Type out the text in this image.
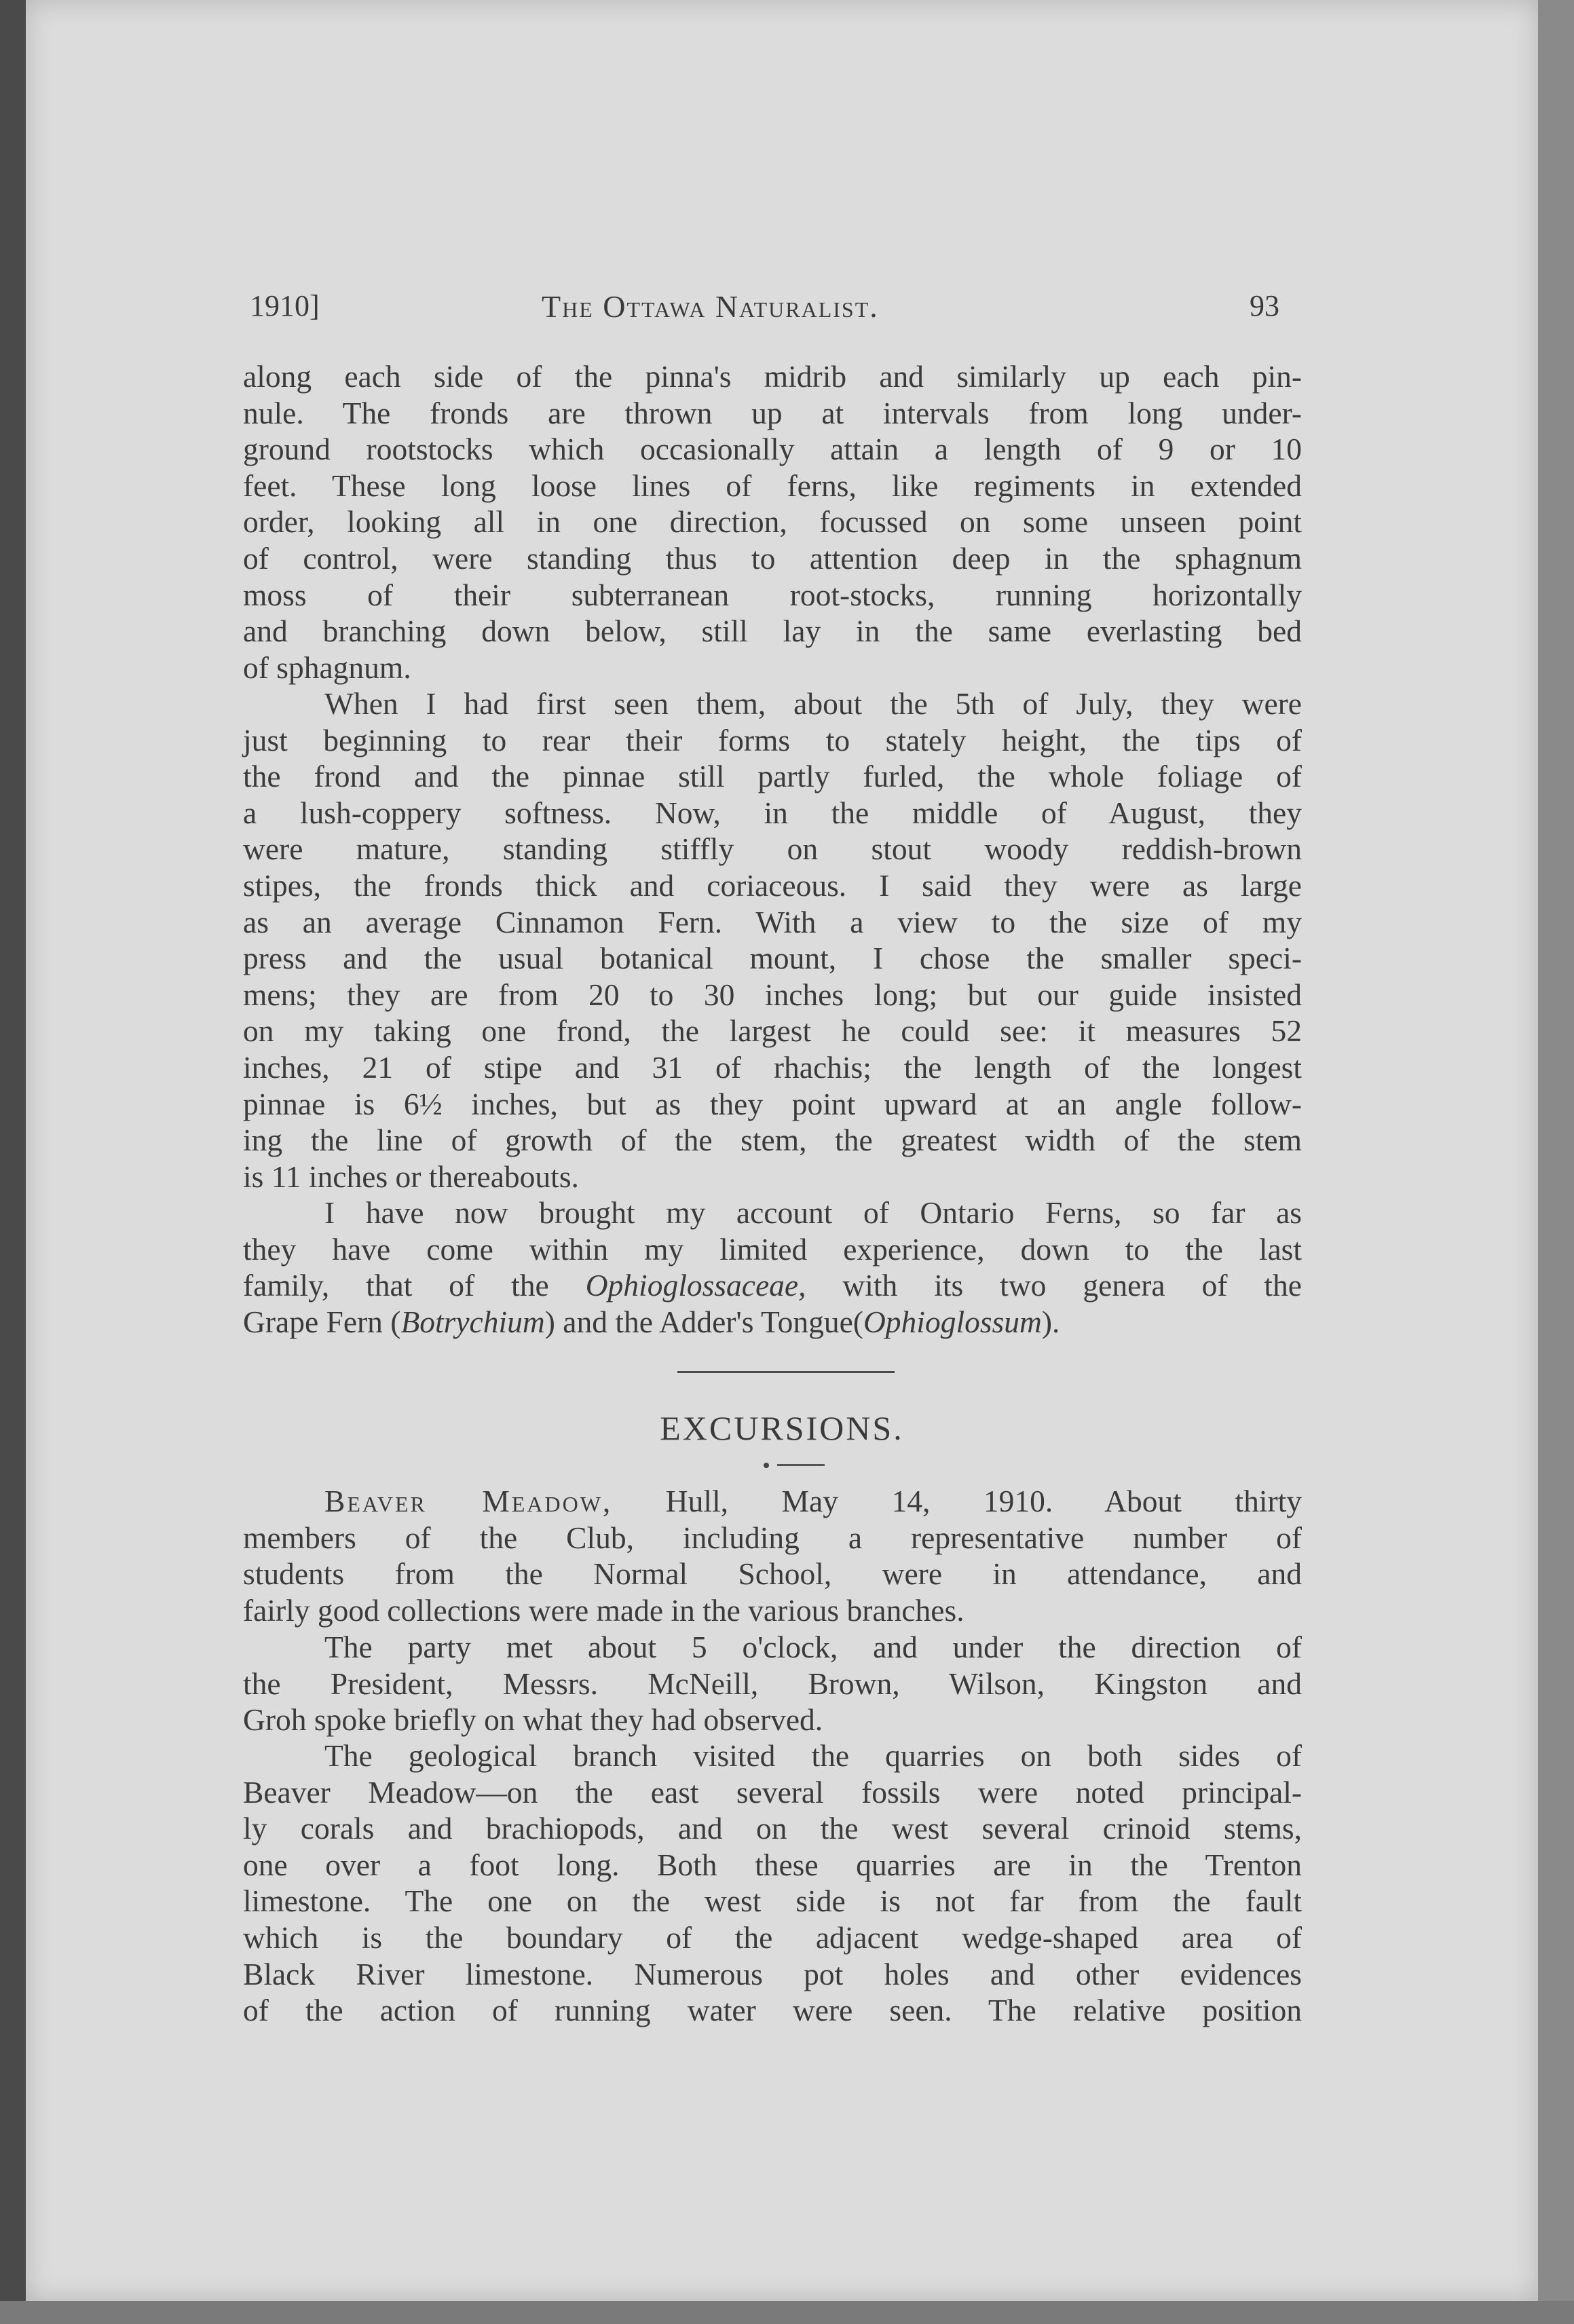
1910]	The Ottawa Naturalist.	93
along each side of the pinna's midrib and similarly up each pin-
nule. The fronds are thrown up at intervals from long under-
ground rootstocks which occasionally attain a length of 9 or 10
feet. These long loose lines of ferns, like regiments in extended
order, looking all in one direction, focussed on some unseen point
of control, were standing thus to attention deep in the sphagnum
moss of their subterranean root-stocks, running horizontally
and branching down below, still lay in the same everlasting bed
of sphagnum.
When I had first seen them, about the 5th of July, they were
just beginning to rear their forms to stately height, the tips of
the frond and the pinnae still partly furled, the whole foliage of
a lush-coppery softness. Now, in the middle of August, they
were mature, standing stiffly on stout woody reddish-brown
stipes, the fronds thick and coriaceous. I said they were as large
as an average Cinnamon Fern. With a view to the size of my
press and the usual botanical mount, I chose the smaller speci-
mens; they are from 20 to 30 inches long; but our guide insisted
on my taking one frond, the largest he could see: it measures 52
inches, 21 of stipe and 31 of rhachis; the length of the longest
pinnae is 6½ inches, but as they point upward at an angle follow-
ing the line of growth of the stem, the greatest width of the stem
is 11 inches or thereabouts.
I have now brought my account of Ontario Ferns, so far as
they have come within my limited experience, down to the last
family, that of the Ophioglossaceae, with its two genera of the
Grape Fern (Botrychium) and the Adder's Tongue(Ophioglossum).
EXCURSIONS.
Beaver Meadow, Hull, May 14, 1910. About thirty
members of the Club, including a representative number of
students from the Normal School, were in attendance, and
fairly good collections were made in the various branches.
The party met about 5 o'clock, and under the direction of
the President, Messrs. McNeill, Brown, Wilson, Kingston and
Groh spoke briefly on what they had observed.
The geological branch visited the quarries on both sides of
Beaver Meadow—on the east several fossils were noted principal-
ly corals and brachiopods, and on the west several crinoid stems,
one over a foot long. Both these quarries are in the Trenton
limestone. The one on the west side is not far from the fault
which is the boundary of the adjacent wedge-shaped area of
Black River limestone. Numerous pot holes and other evidences
of the action of running water were seen. The relative position
